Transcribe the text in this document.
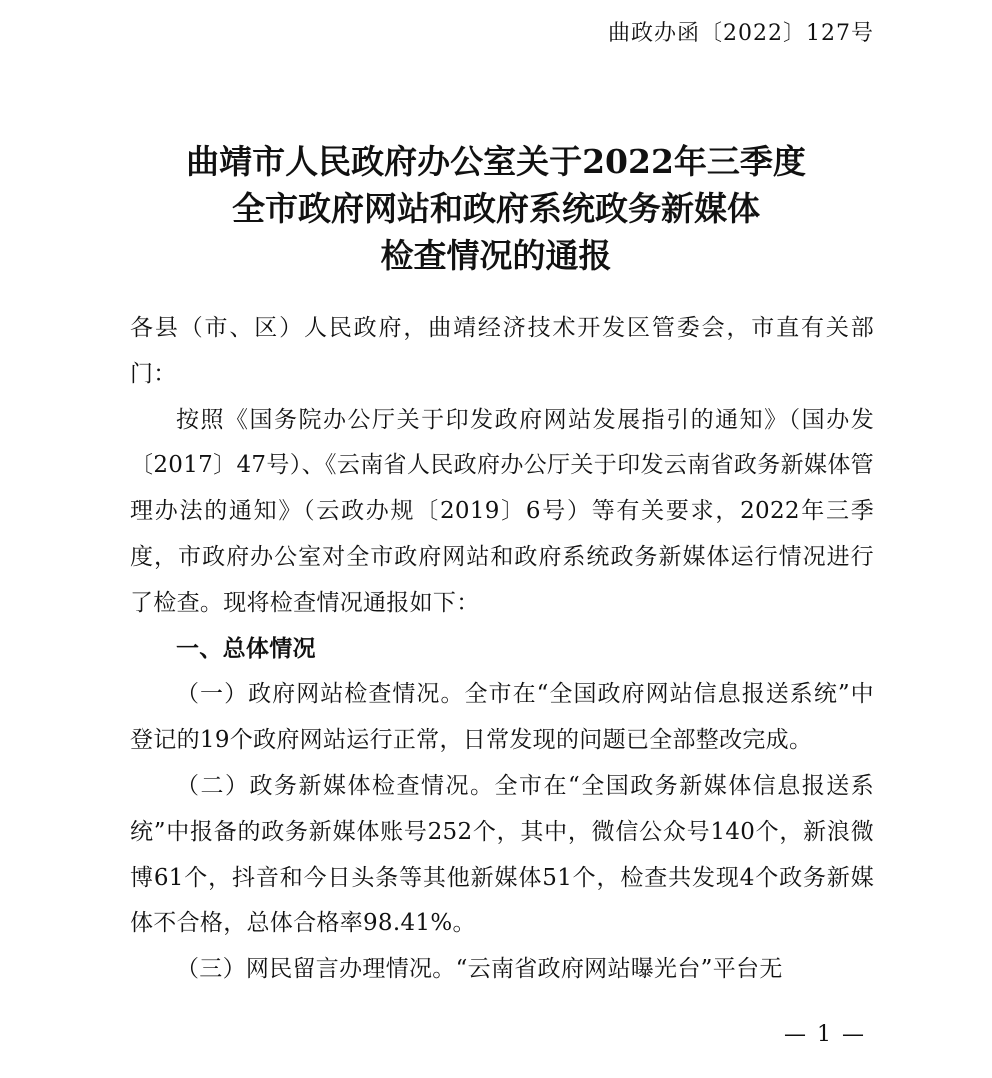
曲政办函〔2022〕127号
曲靖市人民政府办公室关于2022年三季度
全市政府网站和政府系统政务新媒体
检查情况的通报

各县（市、区）人民政府，曲靖经济技术开发区管委会，市直有关部门：

按照《国务院办公厅关于印发政府网站发展指引的通知》（国办发〔2017〕47号）、《云南省人民政府办公厅关于印发云南省政务新媒体管理办法的通知》（云政办规〔2019〕6号）等有关要求，2022年三季度，市政府办公室对全市政府网站和政府系统政务新媒体运行情况进行了检查。现将检查情况通报如下：

一、总体情况

（一）政府网站检查情况。全市在“全国政府网站信息报送系统”中登记的19个政府网站运行正常，日常发现的问题已全部整改完成。

（二）政务新媒体检查情况。全市在“全国政务新媒体信息报送系统”中报备的政务新媒体账号252个，其中，微信公众号140个，新浪微博61个，抖音和今日头条等其他新媒体51个，检查共发现4个政务新媒体不合格，总体合格率98.41%。

（三）网民留言办理情况。“云南省政府网站曝光台”平台无

— 1 —
